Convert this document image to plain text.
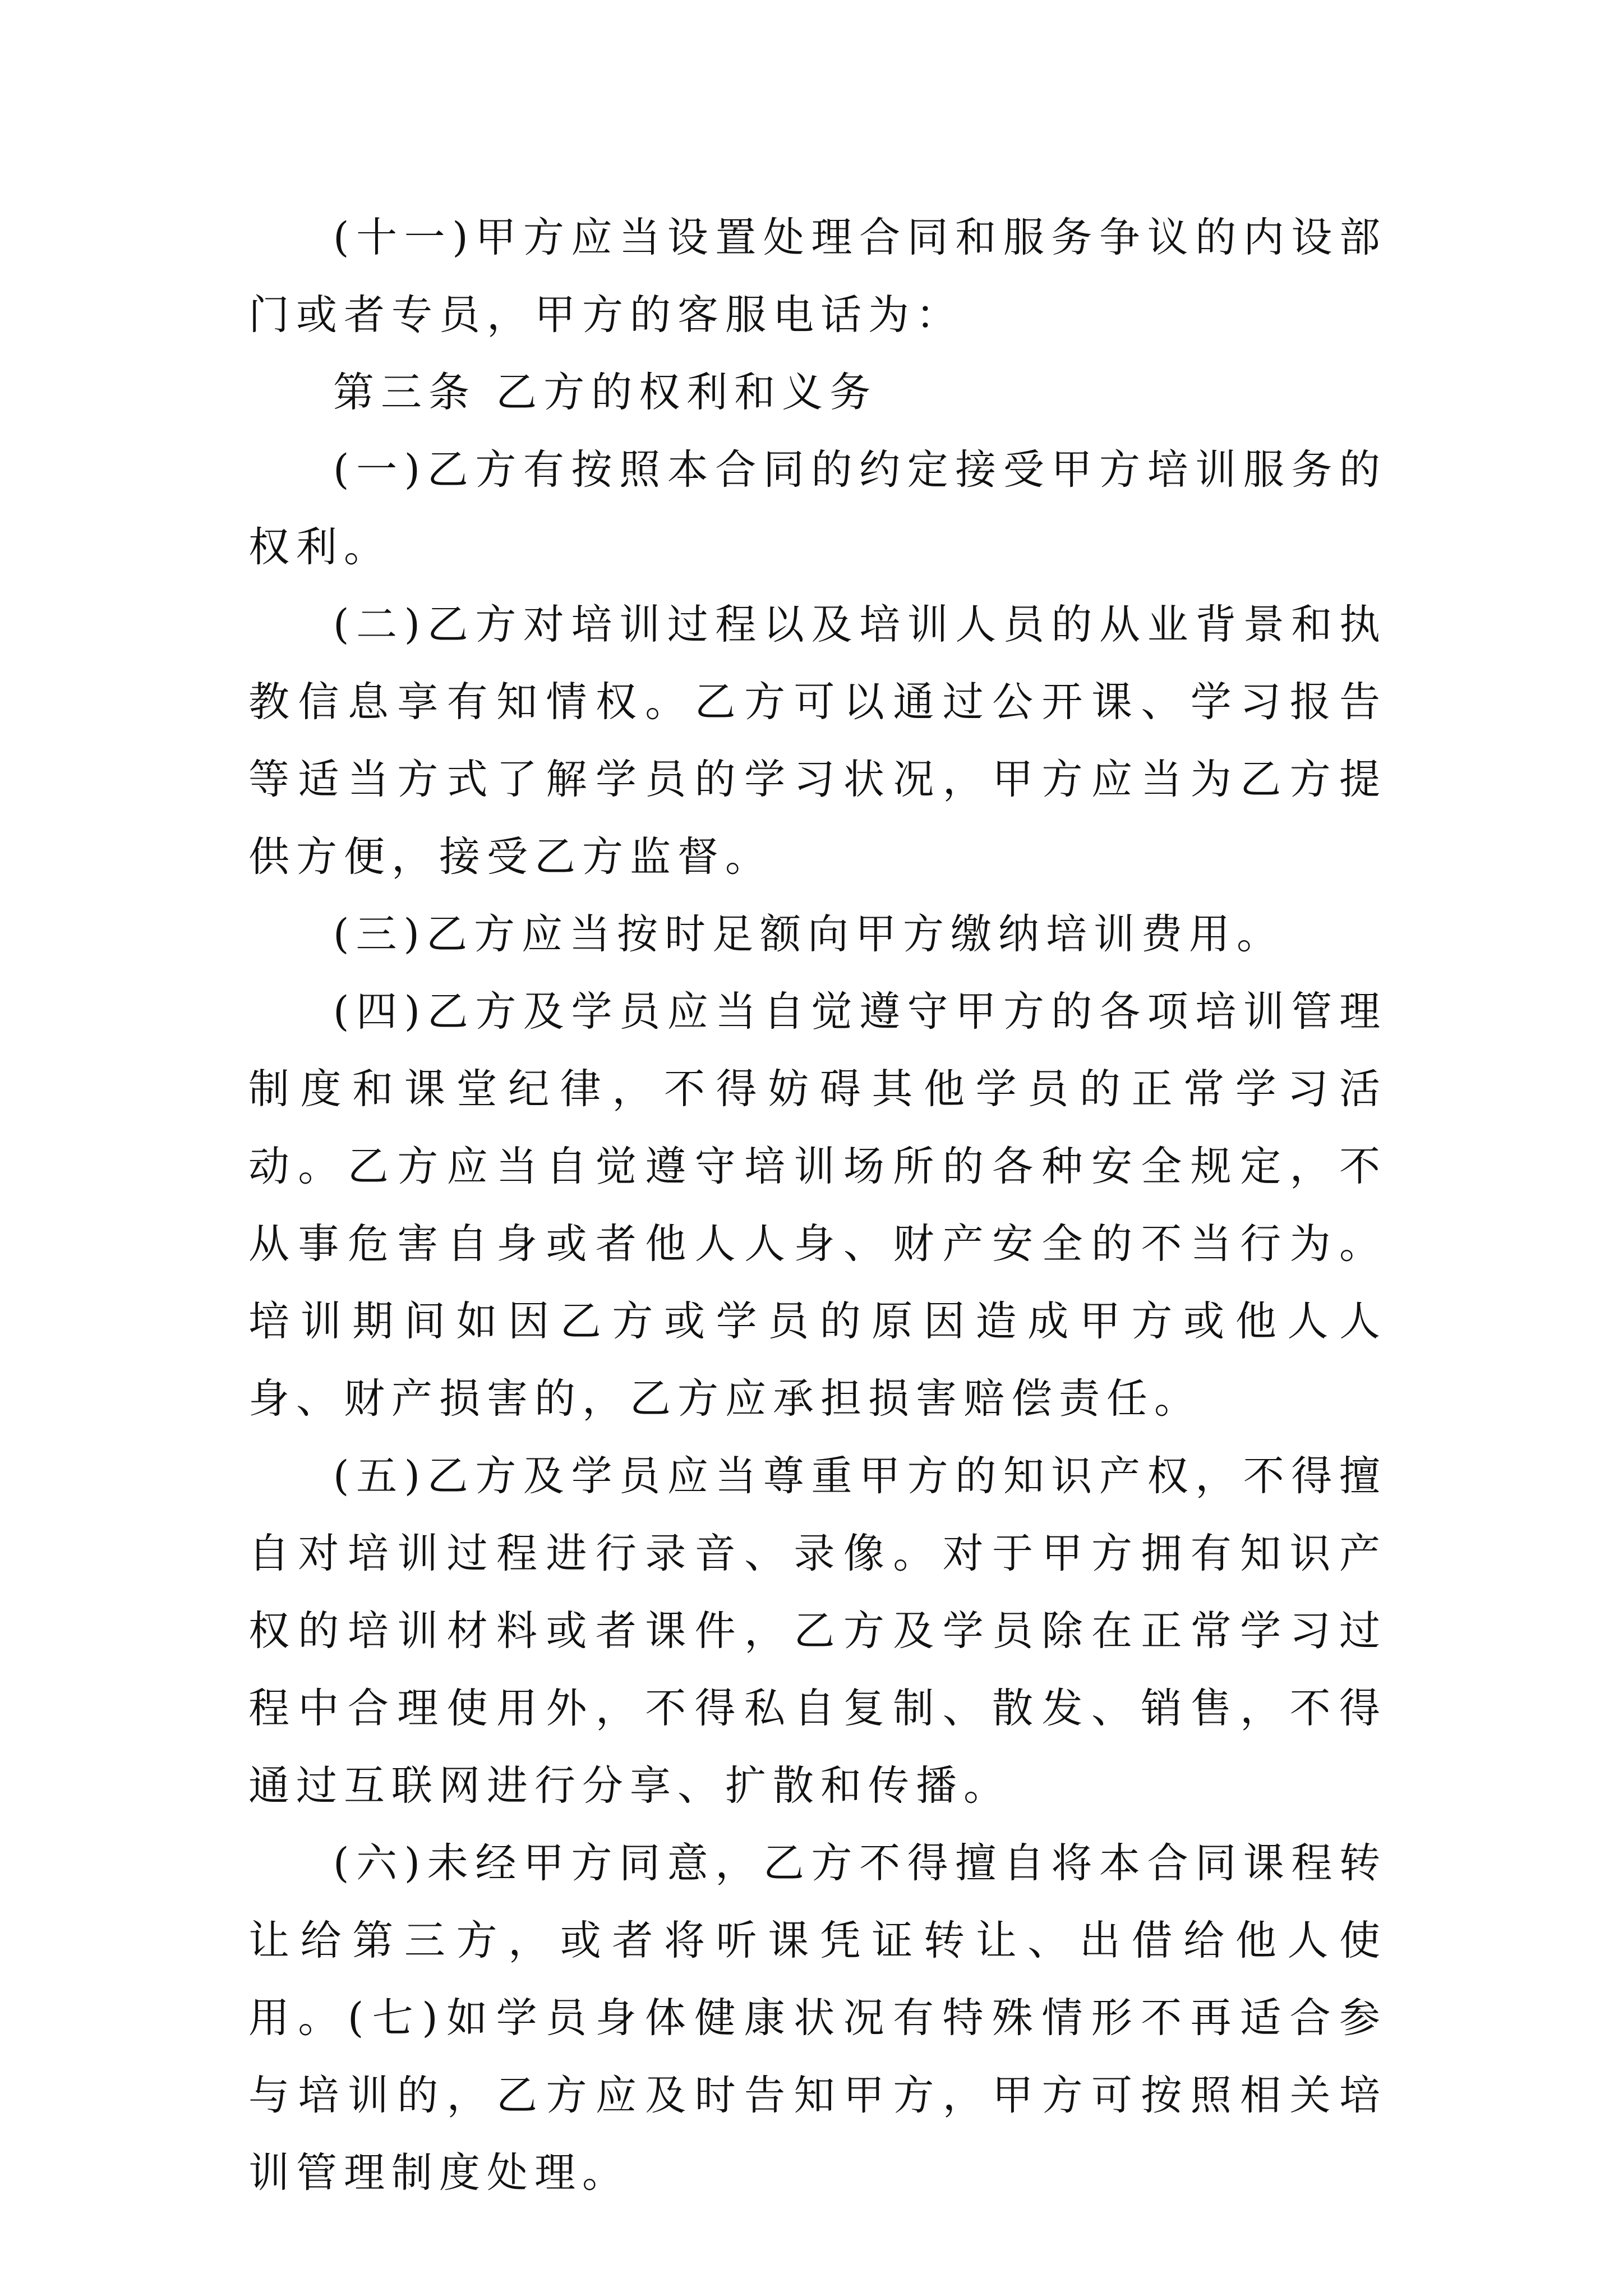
(十一)甲方应当设置处理合同和服务争议的内设部门或者专员，甲方的客服电话为：

第三条 乙方的权利和义务

(一)乙方有按照本合同的约定接受甲方培训服务的权利。

(二)乙方对培训过程以及培训人员的从业背景和执教信息享有知情权。乙方可以通过公开课、学习报告等适当方式了解学员的学习状况，甲方应当为乙方提供方便，接受乙方监督。

(三)乙方应当按时足额向甲方缴纳培训费用。

(四)乙方及学员应当自觉遵守甲方的各项培训管理制度和课堂纪律，不得妨碍其他学员的正常学习活动。乙方应当自觉遵守培训场所的各种安全规定，不从事危害自身或者他人人身、财产安全的不当行为。培训期间如因乙方或学员的原因造成甲方或他人人身、财产损害的，乙方应承担损害赔偿责任。

(五)乙方及学员应当尊重甲方的知识产权，不得擅自对培训过程进行录音、录像。对于甲方拥有知识产权的培训材料或者课件，乙方及学员除在正常学习过程中合理使用外，不得私自复制、散发、销售，不得通过互联网进行分享、扩散和传播。

(六)未经甲方同意，乙方不得擅自将本合同课程转让给第三方，或者将听课凭证转让、出借给他人使用。(七)如学员身体健康状况有特殊情形不再适合参与培训的，乙方应及时告知甲方，甲方可按照相关培训管理制度处理。
